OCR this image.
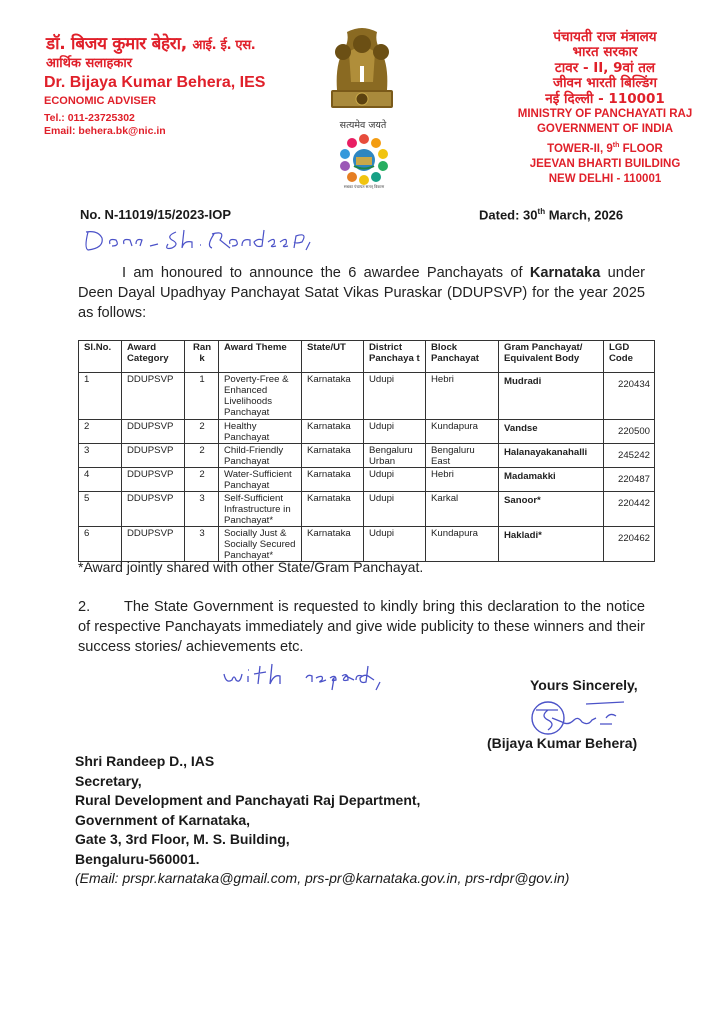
डॉ. बिजय कुमार बेहेरा, आई. ई. एस.
आर्थिक सलाहकार
Dr. Bijaya Kumar Behera, IES
ECONOMIC ADVISER
Tel.: 011-23725302
Email: behera.bk@nic.in	सत्यमेव जयते
सबका पंचायत सतत् विकास
पंचायती राज मंत्रालय
भारत सरकार
टावर - II, 9वां तल
जीवन भारती बिल्डिंग
नई दिल्ली - 110001
MINISTRY OF PANCHAYATI RAJ
GOVERNMENT OF INDIA
TOWER-II, 9th FLOOR
JEEVAN BHARTI BUILDING
NEW DELHI - 110001
No. N-11019/15/2023-IOP	Dated: 30th March, 2026
I am honoured to announce the 6 awardee Panchayats of Karnataka under Deen Dayal Upadhyay Panchayat Satat Vikas Puraskar (DDUPSVP) for the year 2025 as follows:
Sl.No.	Award Category	Ran k	Award Theme	State/UT	District Panchaya t	Block Panchayat	Gram Panchayat/ Equivalent Body	LGD Code
1	DDUPSVP	1	Poverty-Free & Enhanced Livelihoods Panchayat	Karnataka	Udupi	Hebri	Mudradi	220434
2	DDUPSVP	2	Healthy Panchayat	Karnataka	Udupi	Kundapura	Vandse	220500
3	DDUPSVP	2	Child-Friendly Panchayat	Karnataka	Bengaluru Urban	Bengaluru East	Halanayakanahalli	245242
4	DDUPSVP	2	Water-Sufficient Panchayat	Karnataka	Udupi	Hebri	Madamakki	220487
5	DDUPSVP	3	Self-Sufficient Infrastructure in Panchayat*	Karnataka	Udupi	Karkal	Sanoor*	220442
6	DDUPSVP	3	Socially Just & Socially Secured Panchayat*	Karnataka	Udupi	Kundapura	Hakladi*	220462
*Award jointly shared with other State/Gram Panchayat.
2. The State Government is requested to kindly bring this declaration to the notice of respective Panchayats immediately and give wide publicity to these winners and their success stories/ achievements etc.
Yours Sincerely,
(Bijaya Kumar Behera)
Shri Randeep D., IAS
Secretary,
Rural Development and Panchayati Raj Department,
Government of Karnataka,
Gate 3, 3rd Floor, M. S. Building,
Bengaluru-560001.
(Email: prspr.karnataka@gmail.com, prs-pr@karnataka.gov.in, prs-rdpr@gov.in)
